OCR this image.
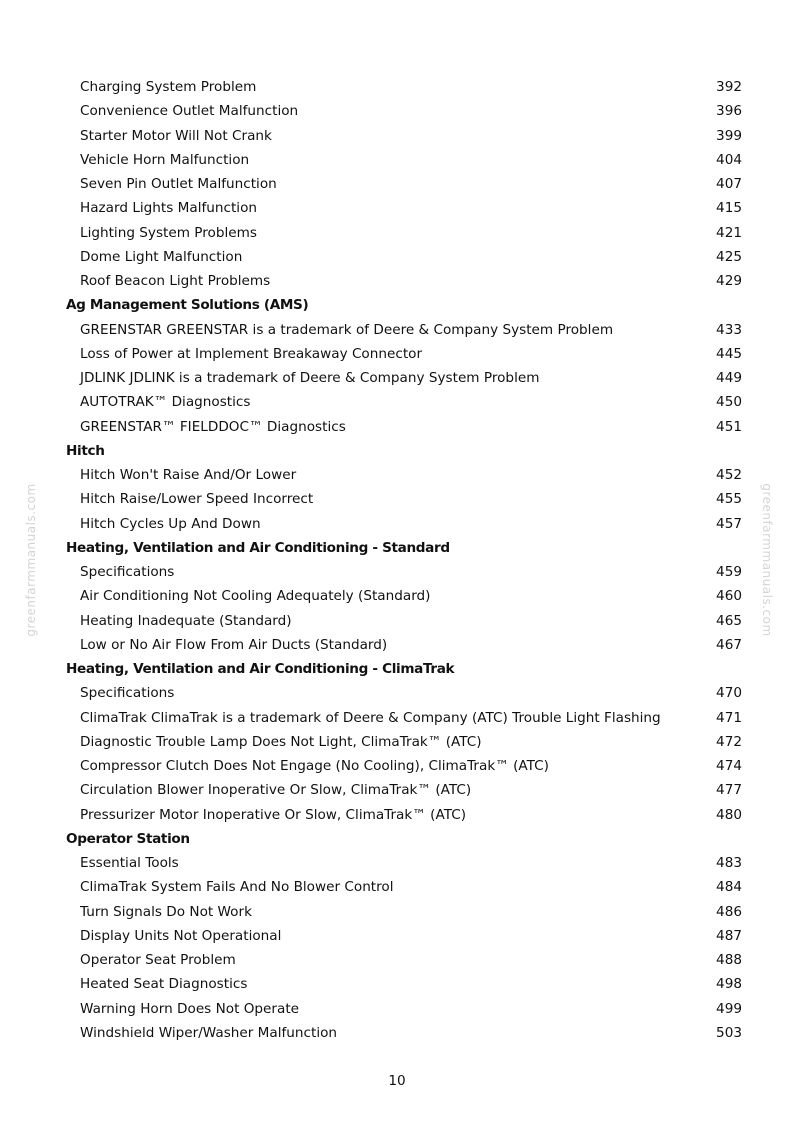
greenfarmmanuals.com	greenfarmmanuals.com
Charging System Problem	392
Convenience Outlet Malfunction	396
Starter Motor Will Not Crank	399
Vehicle Horn Malfunction	404
Seven Pin Outlet Malfunction	407
Hazard Lights Malfunction	415
Lighting System Problems	421
Dome Light Malfunction	425
Roof Beacon Light Problems	429
Ag Management Solutions (AMS)
GREENSTAR GREENSTAR is a trademark of Deere & Company System Problem	433
Loss of Power at Implement Breakaway Connector	445
JDLINK JDLINK is a trademark of Deere & Company System Problem	449
AUTOTRAK™ Diagnostics	450
GREENSTAR™ FIELDDOC™ Diagnostics	451
Hitch
Hitch Won't Raise And/Or Lower	452
Hitch Raise/Lower Speed Incorrect	455
Hitch Cycles Up And Down	457
Heating, Ventilation and Air Conditioning - Standard
Specifications	459
Air Conditioning Not Cooling Adequately (Standard)	460
Heating Inadequate (Standard)	465
Low or No Air Flow From Air Ducts (Standard)	467
Heating, Ventilation and Air Conditioning - ClimaTrak
Specifications	470
ClimaTrak ClimaTrak is a trademark of Deere & Company (ATC) Trouble Light Flashing	471
Diagnostic Trouble Lamp Does Not Light, ClimaTrak™ (ATC)	472
Compressor Clutch Does Not Engage (No Cooling), ClimaTrak™ (ATC)	474
Circulation Blower Inoperative Or Slow, ClimaTrak™ (ATC)	477
Pressurizer Motor Inoperative Or Slow, ClimaTrak™ (ATC)	480
Operator Station
Essential Tools	483
ClimaTrak System Fails And No Blower Control	484
Turn Signals Do Not Work	486
Display Units Not Operational	487
Operator Seat Problem	488
Heated Seat Diagnostics	498
Warning Horn Does Not Operate	499
Windshield Wiper/Washer Malfunction	503
10
